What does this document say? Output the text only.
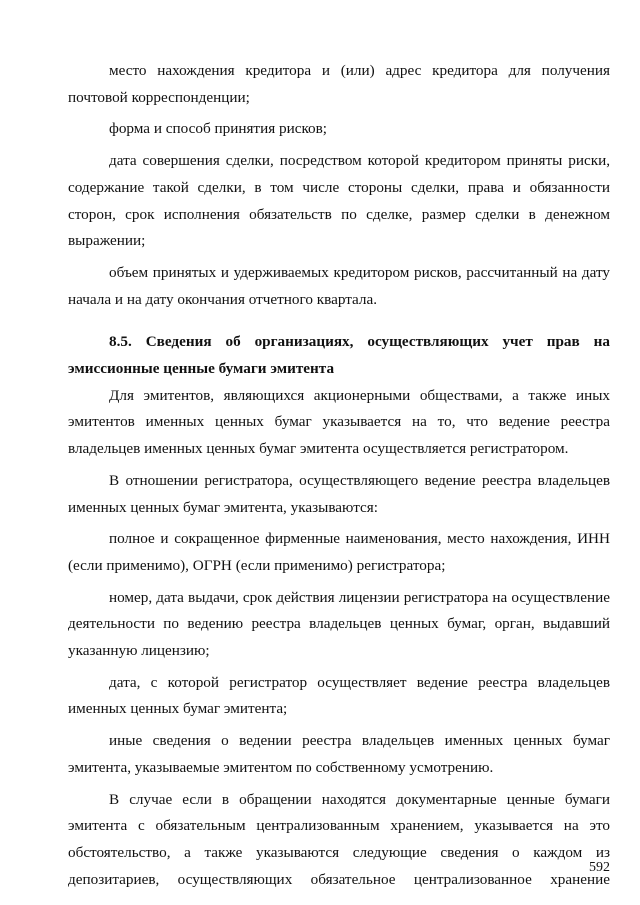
место нахождения кредитора и (или) адрес кредитора для получения почтовой корреспонденции;

форма и способ принятия рисков;

дата совершения сделки, посредством которой кредитором приняты риски, содержание такой сделки, в том числе стороны сделки, права и обязанности сторон, срок исполнения обязательств по сделке, размер сделки в денежном выражении;

объем принятых и удерживаемых кредитором рисков, рассчитанный на дату начала и на дату окончания отчетного квартала.

8.5. Сведения об организациях, осуществляющих учет прав на эмиссионные ценные бумаги эмитента

Для эмитентов, являющихся акционерными обществами, а также иных эмитентов именных ценных бумаг указывается на то, что ведение реестра владельцев именных ценных бумаг эмитента осуществляется регистратором.

В отношении регистратора, осуществляющего ведение реестра владельцев именных ценных бумаг эмитента, указываются:

полное и сокращенное фирменные наименования, место нахождения, ИНН (если применимо), ОГРН (если применимо) регистратора;

номер, дата выдачи, срок действия лицензии регистратора на осуществление деятельности по ведению реестра владельцев ценных бумаг, орган, выдавший указанную лицензию;

дата, с которой регистратор осуществляет ведение реестра владельцев именных ценных бумаг эмитента;

иные сведения о ведении реестра владельцев именных ценных бумаг эмитента, указываемые эмитентом по собственному усмотрению.

В случае если в обращении находятся документарные ценные бумаги эмитента с обязательным централизованным хранением, указывается на это обстоятельство, а также указываются следующие сведения о каждом из депозитариев, осуществляющих обязательное централизованное хранение

592
